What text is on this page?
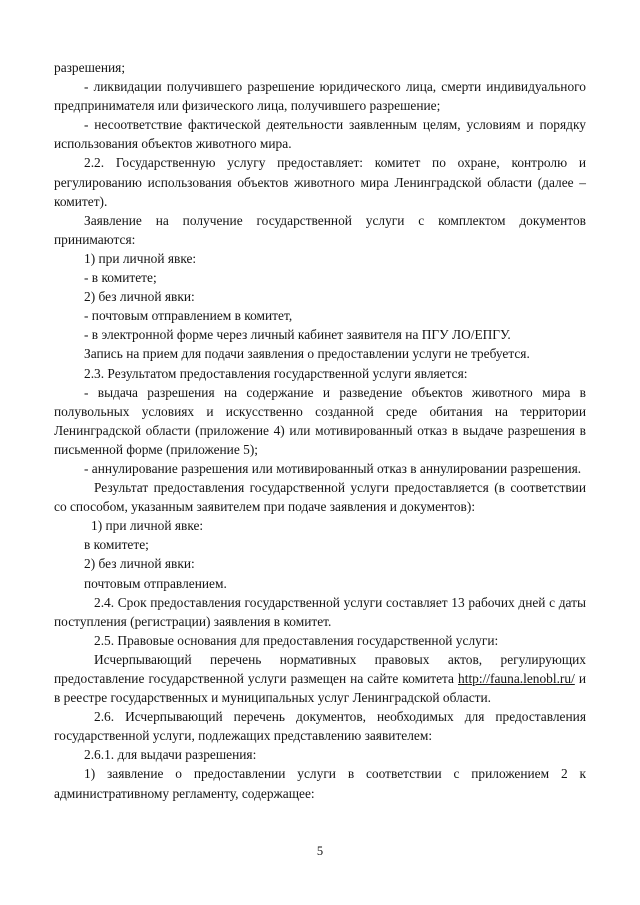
разрешения;

- ликвидации получившего разрешение юридического лица, смерти индивидуального предпринимателя или физического лица, получившего разрешение;

- несоответствие фактической деятельности заявленным целям, условиям и порядку использования объектов животного мира.

2.2. Государственную услугу предоставляет: комитет по охране, контролю и регулированию использования объектов животного мира Ленинградской области (далее – комитет).

Заявление на получение государственной услуги с комплектом документов принимаются:

1) при личной явке:

- в комитете;

2) без личной явки:

- почтовым отправлением в комитет,

- в электронной форме через личный кабинет заявителя на ПГУ ЛО/ЕПГУ.

Запись на прием для подачи заявления о предоставлении услуги не требуется.

2.3. Результатом предоставления государственной услуги является:

- выдача разрешения на содержание и разведение объектов животного мира в полувольных условиях и искусственно созданной среде обитания на территории Ленинградской области (приложение 4) или мотивированный отказ в выдаче разрешения в письменной форме (приложение 5);

- аннулирование разрешения или мотивированный отказ в аннулировании разрешения.

Результат предоставления государственной услуги предоставляется (в соответствии со способом, указанным заявителем при подаче заявления и документов):

1) при личной явке:

в комитете;

2) без личной явки:

почтовым отправлением.

2.4. Срок предоставления государственной услуги составляет 13 рабочих дней с даты поступления (регистрации) заявления в комитет.

2.5. Правовые основания для предоставления государственной услуги:

Исчерпывающий перечень нормативных правовых актов, регулирующих предоставление государственной услуги размещен на сайте комитета http://fauna.lenobl.ru/ и в реестре государственных и муниципальных услуг Ленинградской области.

2.6. Исчерпывающий перечень документов, необходимых для предоставления государственной услуги, подлежащих представлению заявителем:

2.6.1. для выдачи разрешения:

1) заявление о предоставлении услуги в соответствии с приложением 2 к административному регламенту, содержащее:

5
